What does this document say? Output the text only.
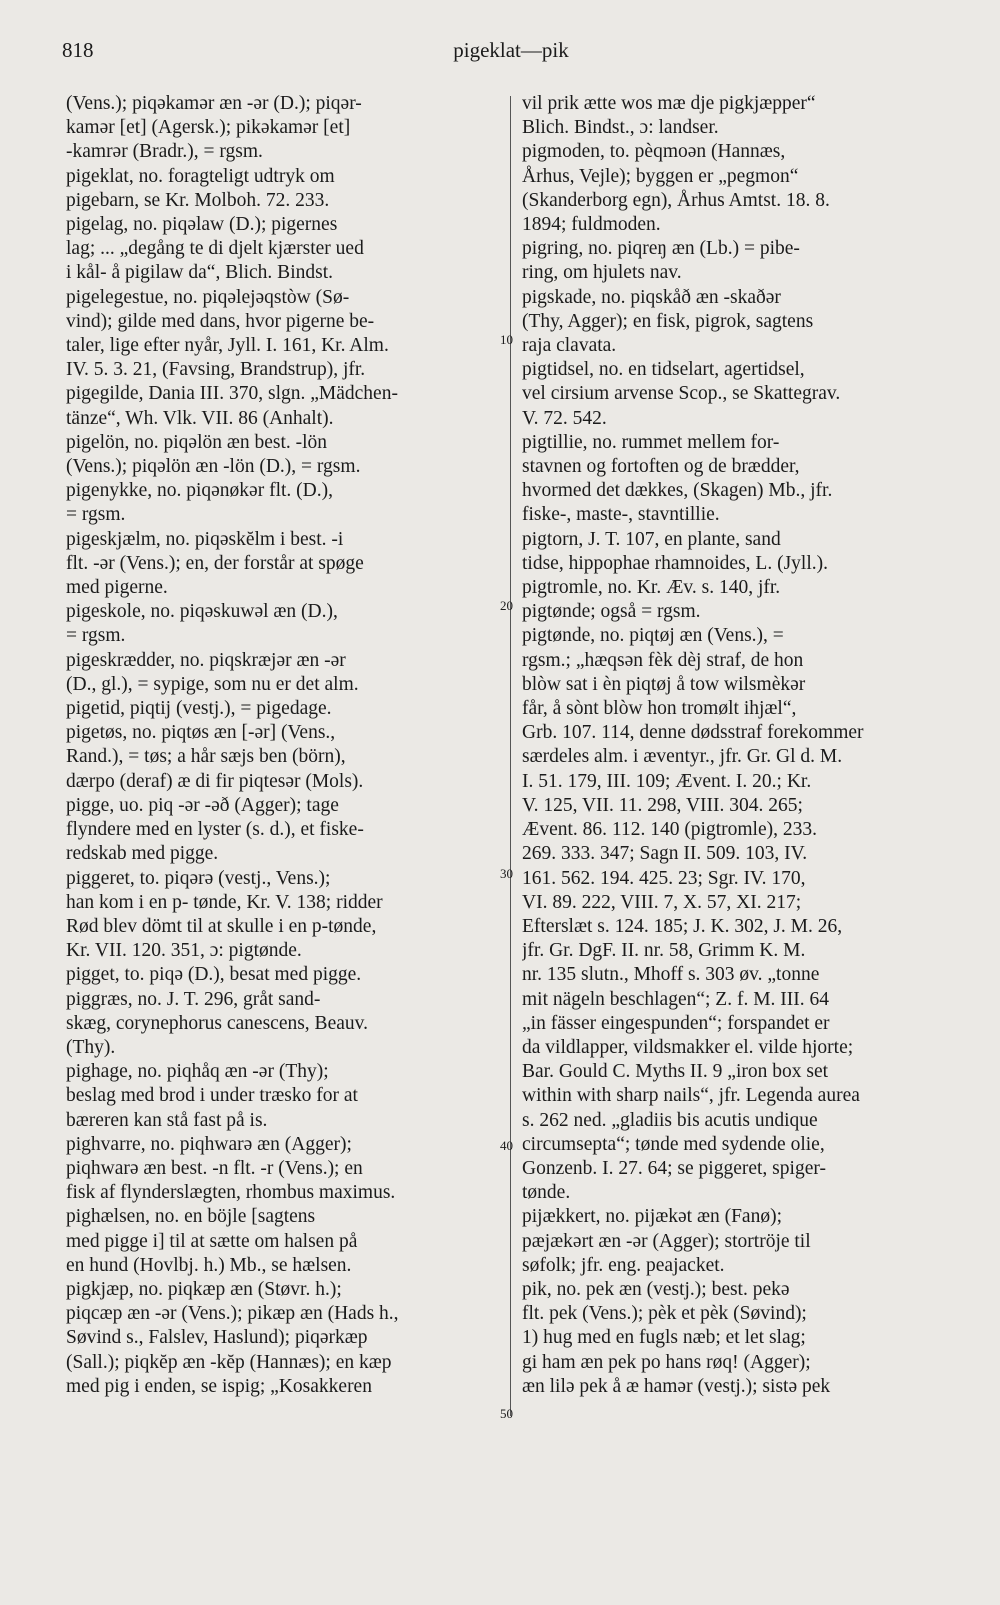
818	pigeklat—pik
(Vens.); piqəkamər æn -ər (D.); piqər-
kamər [et] (Agersk.); pikəkamər [et]
-kamrər (Bradr.), = rgsm.
pigeklat, no. foragteligt udtryk om
pigebarn, se Kr. Molboh. 72. 233.
pigelag, no. piqəlaw (D.); pigernes
lag; ... „degång te di djelt kjærster ued
i kål- å pigilaw da“, Blich. Bindst.
pigelegestue, no. piqəlejəqstòw (Sø-
vind); gilde med dans, hvor pigerne be-
taler, lige efter nyår, Jyll. I. 161, Kr. Alm.
IV. 5. 3. 21, (Favsing, Brandstrup), jfr.
pigegilde, Dania III. 370, slgn. „Mädchen-
tänze“, Wh. Vlk. VII. 86 (Anhalt).
pigelön, no. piqəlön æn best. -lön
(Vens.); piqəlön æn -lön (D.), = rgsm.
pigenykke, no. piqənøkər flt. (D.),
= rgsm.
pigeskjælm, no. piqəskĕlm i best. -i
flt. -ər (Vens.); en, der forstår at spøge
med pigerne.
pigeskole, no. piqəskuwəl æn (D.),
= rgsm.
pigeskrædder, no. piqskræjər æn -ər
(D., gl.), = sypige, som nu er det alm.
pigetid, piqtij (vestj.), = pigedage.
pigetøs, no. piqtøs æn [-ər] (Vens.,
Rand.), = tøs; a hår sæjs ben (börn),
dærpo (deraf) æ di fir piqtesər (Mols).
pigge, uo. piq -ər -əð (Agger); tage
flyndere med en lyster (s. d.), et fiske-
redskab med pigge.
piggeret, to. piqərə (vestj., Vens.);
han kom i en p- tønde, Kr. V. 138; ridder
Rød blev dömt til at skulle i en p-tønde,
Kr. VII. 120. 351, ɔ: pigtønde.
pigget, to. piqə (D.), besat med pigge.
piggræs, no. J. T. 296, gråt sand-
skæg, corynephorus canescens, Beauv.
(Thy).
pighage, no. piqhåq æn -ər (Thy);
beslag med brod i under træsko for at
bæreren kan stå fast på is.
pighvarre, no. piqhwarə æn (Agger);
piqhwarə æn best. -n flt. -r (Vens.); en
fisk af flynderslægten, rhombus maximus.
pighælsen, no. en böjle [sagtens
med pigge i] til at sætte om halsen på
en hund (Hovlbj. h.) Mb., se hælsen.
pigkjæp, no. piqkæp æn (Støvr. h.);
piqcæp æn -ər (Vens.); pikæp æn (Hads h.,
Søvind s., Falslev, Haslund); piqərkæp
(Sall.); piqkĕp æn -kĕp (Hannæs); en kæp
med pig i enden, se ispig; „Kosakkeren
vil prik ætte wos mæ dje pigkjæpper“
Blich. Bindst., ɔ: landser.
pigmoden, to. pèqmoən (Hannæs,
Århus, Vejle); byggen er „pegmon“
(Skanderborg egn), Århus Amtst. 18. 8.
1894; fuldmoden.
pigring, no. piqreŋ æn (Lb.) = pibe-
ring, om hjulets nav.
pigskade, no. piqskåð æn -skaðər
(Thy, Agger); en fisk, pigrok, sagtens
raja clavata.
pigtidsel, no. en tidselart, agertidsel,
vel cirsium arvense Scop., se Skattegrav.
V. 72. 542.
pigtillie, no. rummet mellem for-
stavnen og fortoften og de brædder,
hvormed det dækkes, (Skagen) Mb., jfr.
fiske-, maste-, stavntillie.
pigtorn, J. T. 107, en plante, sand
tidse, hippophae rhamnoides, L. (Jyll.).
pigtromle, no. Kr. Æv. s. 140, jfr.
pigtønde; også = rgsm.
pigtønde, no. piqtøj æn (Vens.), =
rgsm.; „hæqsən fèk dèj straf, de hon
blòw sat i èn piqtøj å tow wilsmèkər
får, å sònt blòw hon tromølt ihjæl“,
Grb. 107. 114, denne dødsstraf forekommer
særdeles alm. i æventyr., jfr. Gr. Gl d. M.
I. 51. 179, III. 109; Ævent. I. 20.; Kr.
V. 125, VII. 11. 298, VIII. 304. 265;
Ævent. 86. 112. 140 (pigtromle), 233.
269. 333. 347; Sagn II. 509. 103, IV.
161. 562. 194. 425. 23; Sgr. IV. 170,
VI. 89. 222, VIII. 7, X. 57, XI. 217;
Efterslæt s. 124. 185; J. K. 302, J. M. 26,
jfr. Gr. DgF. II. nr. 58, Grimm K. M.
nr. 135 slutn., Mhoff s. 303 øv. „tonne
mit nägeln beschlagen“; Z. f. M. III. 64
„in fässer eingespunden“; forspandet er
da vildlapper, vildsmakker el. vilde hjorte;
Bar. Gould C. Myths II. 9 „iron box set
within with sharp nails“, jfr. Legenda aurea
s. 262 ned. „gladiis bis acutis undique
circumsepta“; tønde med sydende olie,
Gonzenb. I. 27. 64; se piggeret, spiger-
tønde.
pijækkert, no. pijækət æn (Fanø);
pæjækərt æn -ər (Agger); stortröje til
søfolk; jfr. eng. peajacket.
pik, no. pek æn (vestj.); best. pekə
flt. pek (Vens.); pèk et pèk (Søvind);
1) hug med en fugls næb; et let slag;
gi ham æn pek po hans røq! (Agger);
æn lilə pek å æ hamər (vestj.); sistə pek
10
20
30
40
50
